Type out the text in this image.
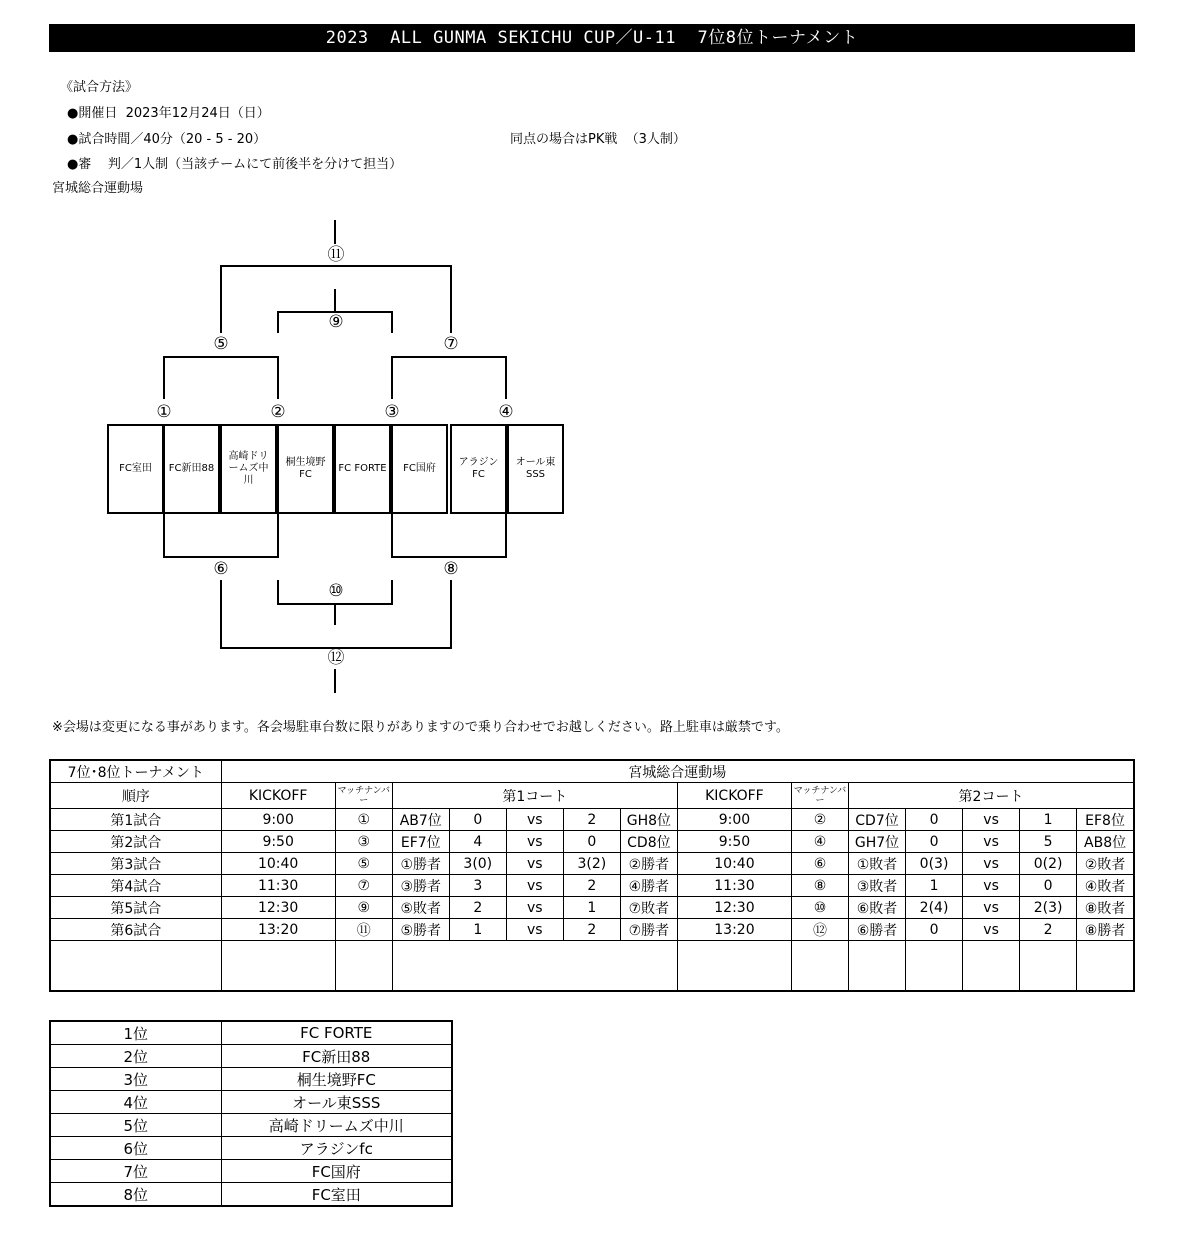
2023  ALL GUNMA SEKICHU CUP／U-11  7位8位トーナメント
《試合方法》
●開催日  2023年12月24日（日）
●試合時間／40分（20 - 5 - 20）	同点の場合はPK戦  （3人制）
●審    判／1人制（当該チームにて前後半を分けて担当）
宮城総合運動場
⑪
⑨
⑤	⑦
①	②	③	④
⑥	⑧
⑩
⑫
FC室田	FC新田88
高崎ドリームズ中川
桐生境野FC
FC FORTE	FC国府
アラジンFC
オール東SSS
※会場は変更になる事があります。各会場駐車台数に限りがありますので乗り合わせでお越しください。路上駐車は厳禁です。
7位･8位トーナメント	宮城総合運動場													
順序	KICKOFF	マッチナンバー	第1コート					KICKOFF	マッチナンバー	第2コート				
第1試合	9:00	①	AB7位	0	vs	2	GH8位	9:00	②	CD7位	0	vs	1	EF8位
第2試合	9:50	③	EF7位	4	vs	0	CD8位	9:50	④	GH7位	0	vs	5	AB8位
第3試合	10:40	⑤	①勝者	3(0)	vs	3(2)	②勝者	10:40	⑥	①敗者	0(3)	vs	0(2)	②敗者
第4試合	11:30	⑦	③勝者	3	vs	2	④勝者	11:30	⑧	③敗者	1	vs	0	④敗者
第5試合	12:30	⑨	⑤敗者	2	vs	1	⑦敗者	12:30	⑩	⑥敗者	2(4)	vs	2(3)	⑧敗者
第6試合	13:20	⑪	⑤勝者	1	vs	2	⑦勝者	13:20	⑫	⑥勝者	0	vs	2	⑧勝者

1位	FC FORTE
2位	FC新田88
3位	桐生境野FC
4位	オール東SSS
5位	高崎ドリームズ中川
6位	アラジンfc
7位	FC国府
8位	FC室田
